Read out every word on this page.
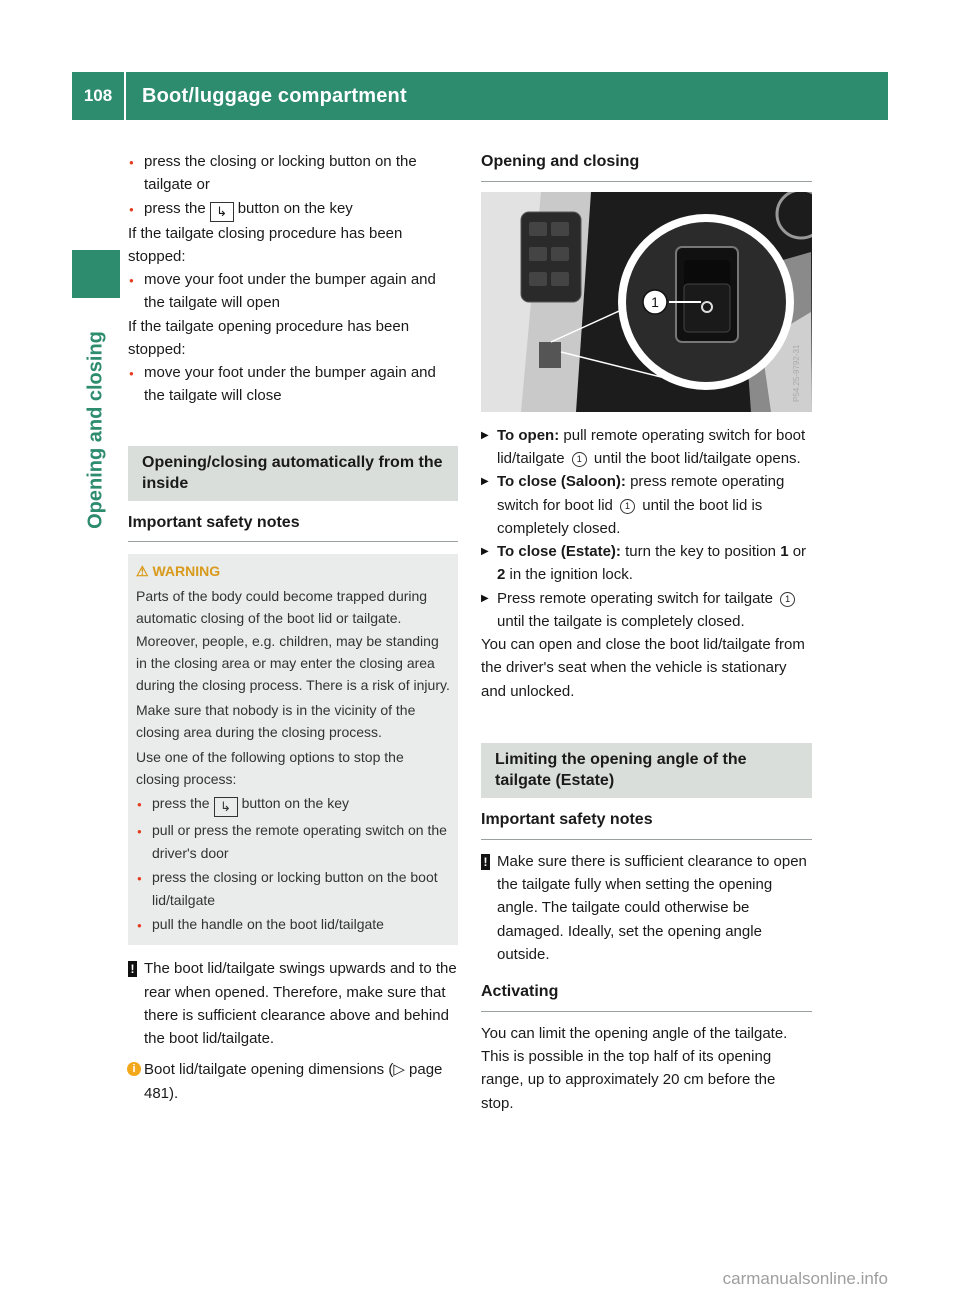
108	Boot/luggage compartment
Opening and closing

● press the closing or locking button on the tailgate or

● press the ↳ button on the key

If the tailgate closing procedure has been stopped:

● move your foot under the bumper again and the tailgate will open

If the tailgate opening procedure has been stopped:

● move your foot under the bumper again and the tailgate will close

Opening/closing automatically from the inside
Important safety notes

⚠ WARNING

Parts of the body could become trapped during automatic closing of the boot lid or tailgate. Moreover, people, e.g. children, may be standing in the closing area or may enter the closing area during the closing process. There is a risk of injury.

Make sure that nobody is in the vicinity of the closing area during the closing process.

Use one of the following options to stop the closing process:

● press the ↳ button on the key

● pull or press the remote operating switch on the driver's door

● press the closing or locking button on the boot lid/tailgate

● pull the handle on the boot lid/tailgate

! The boot lid/tailgate swings upwards and to the rear when opened. Therefore, make sure that there is sufficient clearance above and behind the boot lid/tailgate.

i Boot lid/tailgate opening dimensions (▷ page 481).

Opening and closing
1
P54.25-9792-31

▶ To open: pull remote operating switch for boot lid/tailgate 1 until the boot lid/tailgate opens.

▶ To close (Saloon): press remote operating switch for boot lid 1 until the boot lid is completely closed.

▶ To close (Estate): turn the key to position 1 or 2 in the ignition lock.

▶ Press remote operating switch for tailgate 1 until the tailgate is completely closed.

You can open and close the boot lid/tailgate from the driver's seat when the vehicle is stationary and unlocked.

Limiting the opening angle of the tailgate (Estate)
Important safety notes

! Make sure there is sufficient clearance to open the tailgate fully when setting the opening angle. The tailgate could otherwise be damaged. Ideally, set the opening angle outside.

Activating

You can limit the opening angle of the tailgate. This is possible in the top half of its opening range, up to approximately 20 cm before the stop.

carmanualsonline.info
